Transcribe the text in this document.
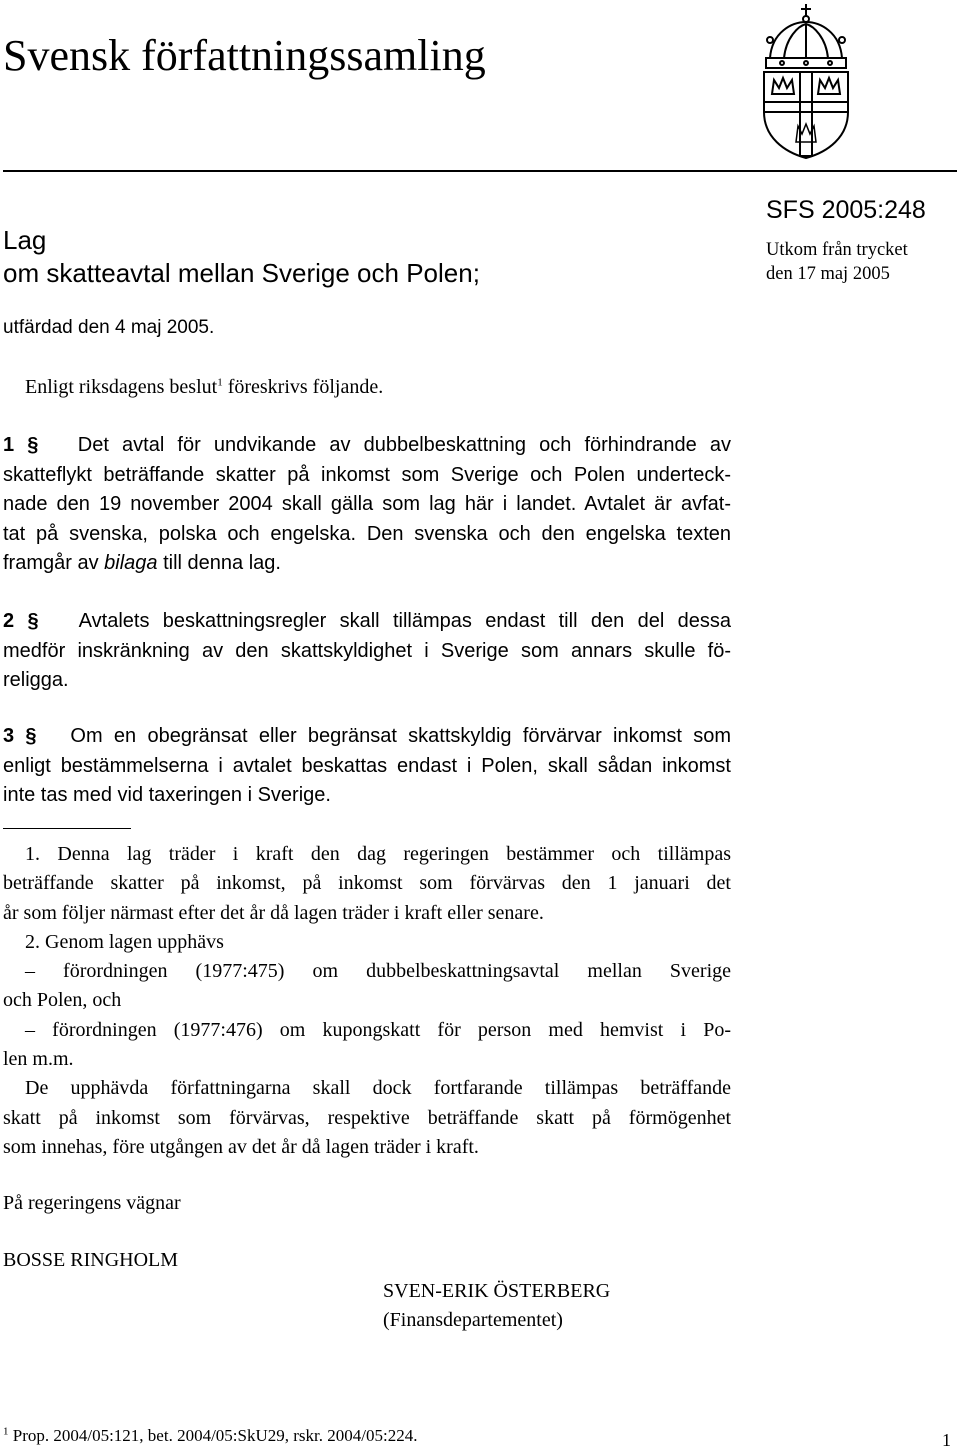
Svensk författningssamling
SFS 2005:248
Utkom från trycket
den 17 maj 2005
Lag
om skatteavtal mellan Sverige och Polen;
utfärdad den 4 maj 2005.
Enligt riksdagens beslut$^1$ föreskrivs följande.
1 § Det avtal för undvikande av dubbelbeskattning och förhindrande av
skatteflykt beträffande skatter på inkomst som Sverige och Polen underteck-
nade den 19 november 2004 skall gälla som lag här i landet. Avtalet är avfat-
tat på svenska, polska och engelska. Den svenska och den engelska texten
framgår av bilaga till denna lag.
2 § Avtalets beskattningsregler skall tillämpas endast till den del dessa
medför inskränkning av den skattskyldighet i Sverige som annars skulle fö-
religga.
3 § Om en obegränsat eller begränsat skattskyldig förvärvar inkomst som
enligt bestämmelserna i avtalet beskattas endast i Polen, skall sådan inkomst
inte tas med vid taxeringen i Sverige.
1. Denna lag träder i kraft den dag regeringen bestämmer och tillämpas
beträffande skatter på inkomst, på inkomst som förvärvas den 1 januari det
år som följer närmast efter det år då lagen träder i kraft eller senare.
2. Genom lagen upphävs
– förordningen (1977:475) om dubbelbeskattningsavtal mellan Sverige
och Polen, och
– förordningen (1977:476) om kupongskatt för person med hemvist i Po-
len m.m.
De upphävda författningarna skall dock fortfarande tillämpas beträffande
skatt på inkomst som förvärvas, respektive beträffande skatt på förmögenhet
som innehas, före utgången av det år då lagen träder i kraft.
På regeringens vägnar
BOSSE RINGHOLM
SVEN-ERIK ÖSTERBERG
(Finansdepartementet)
$^1$ Prop. 2004/05:121, bet. 2004/05:SkU29, rskr. 2004/05:224.	1
